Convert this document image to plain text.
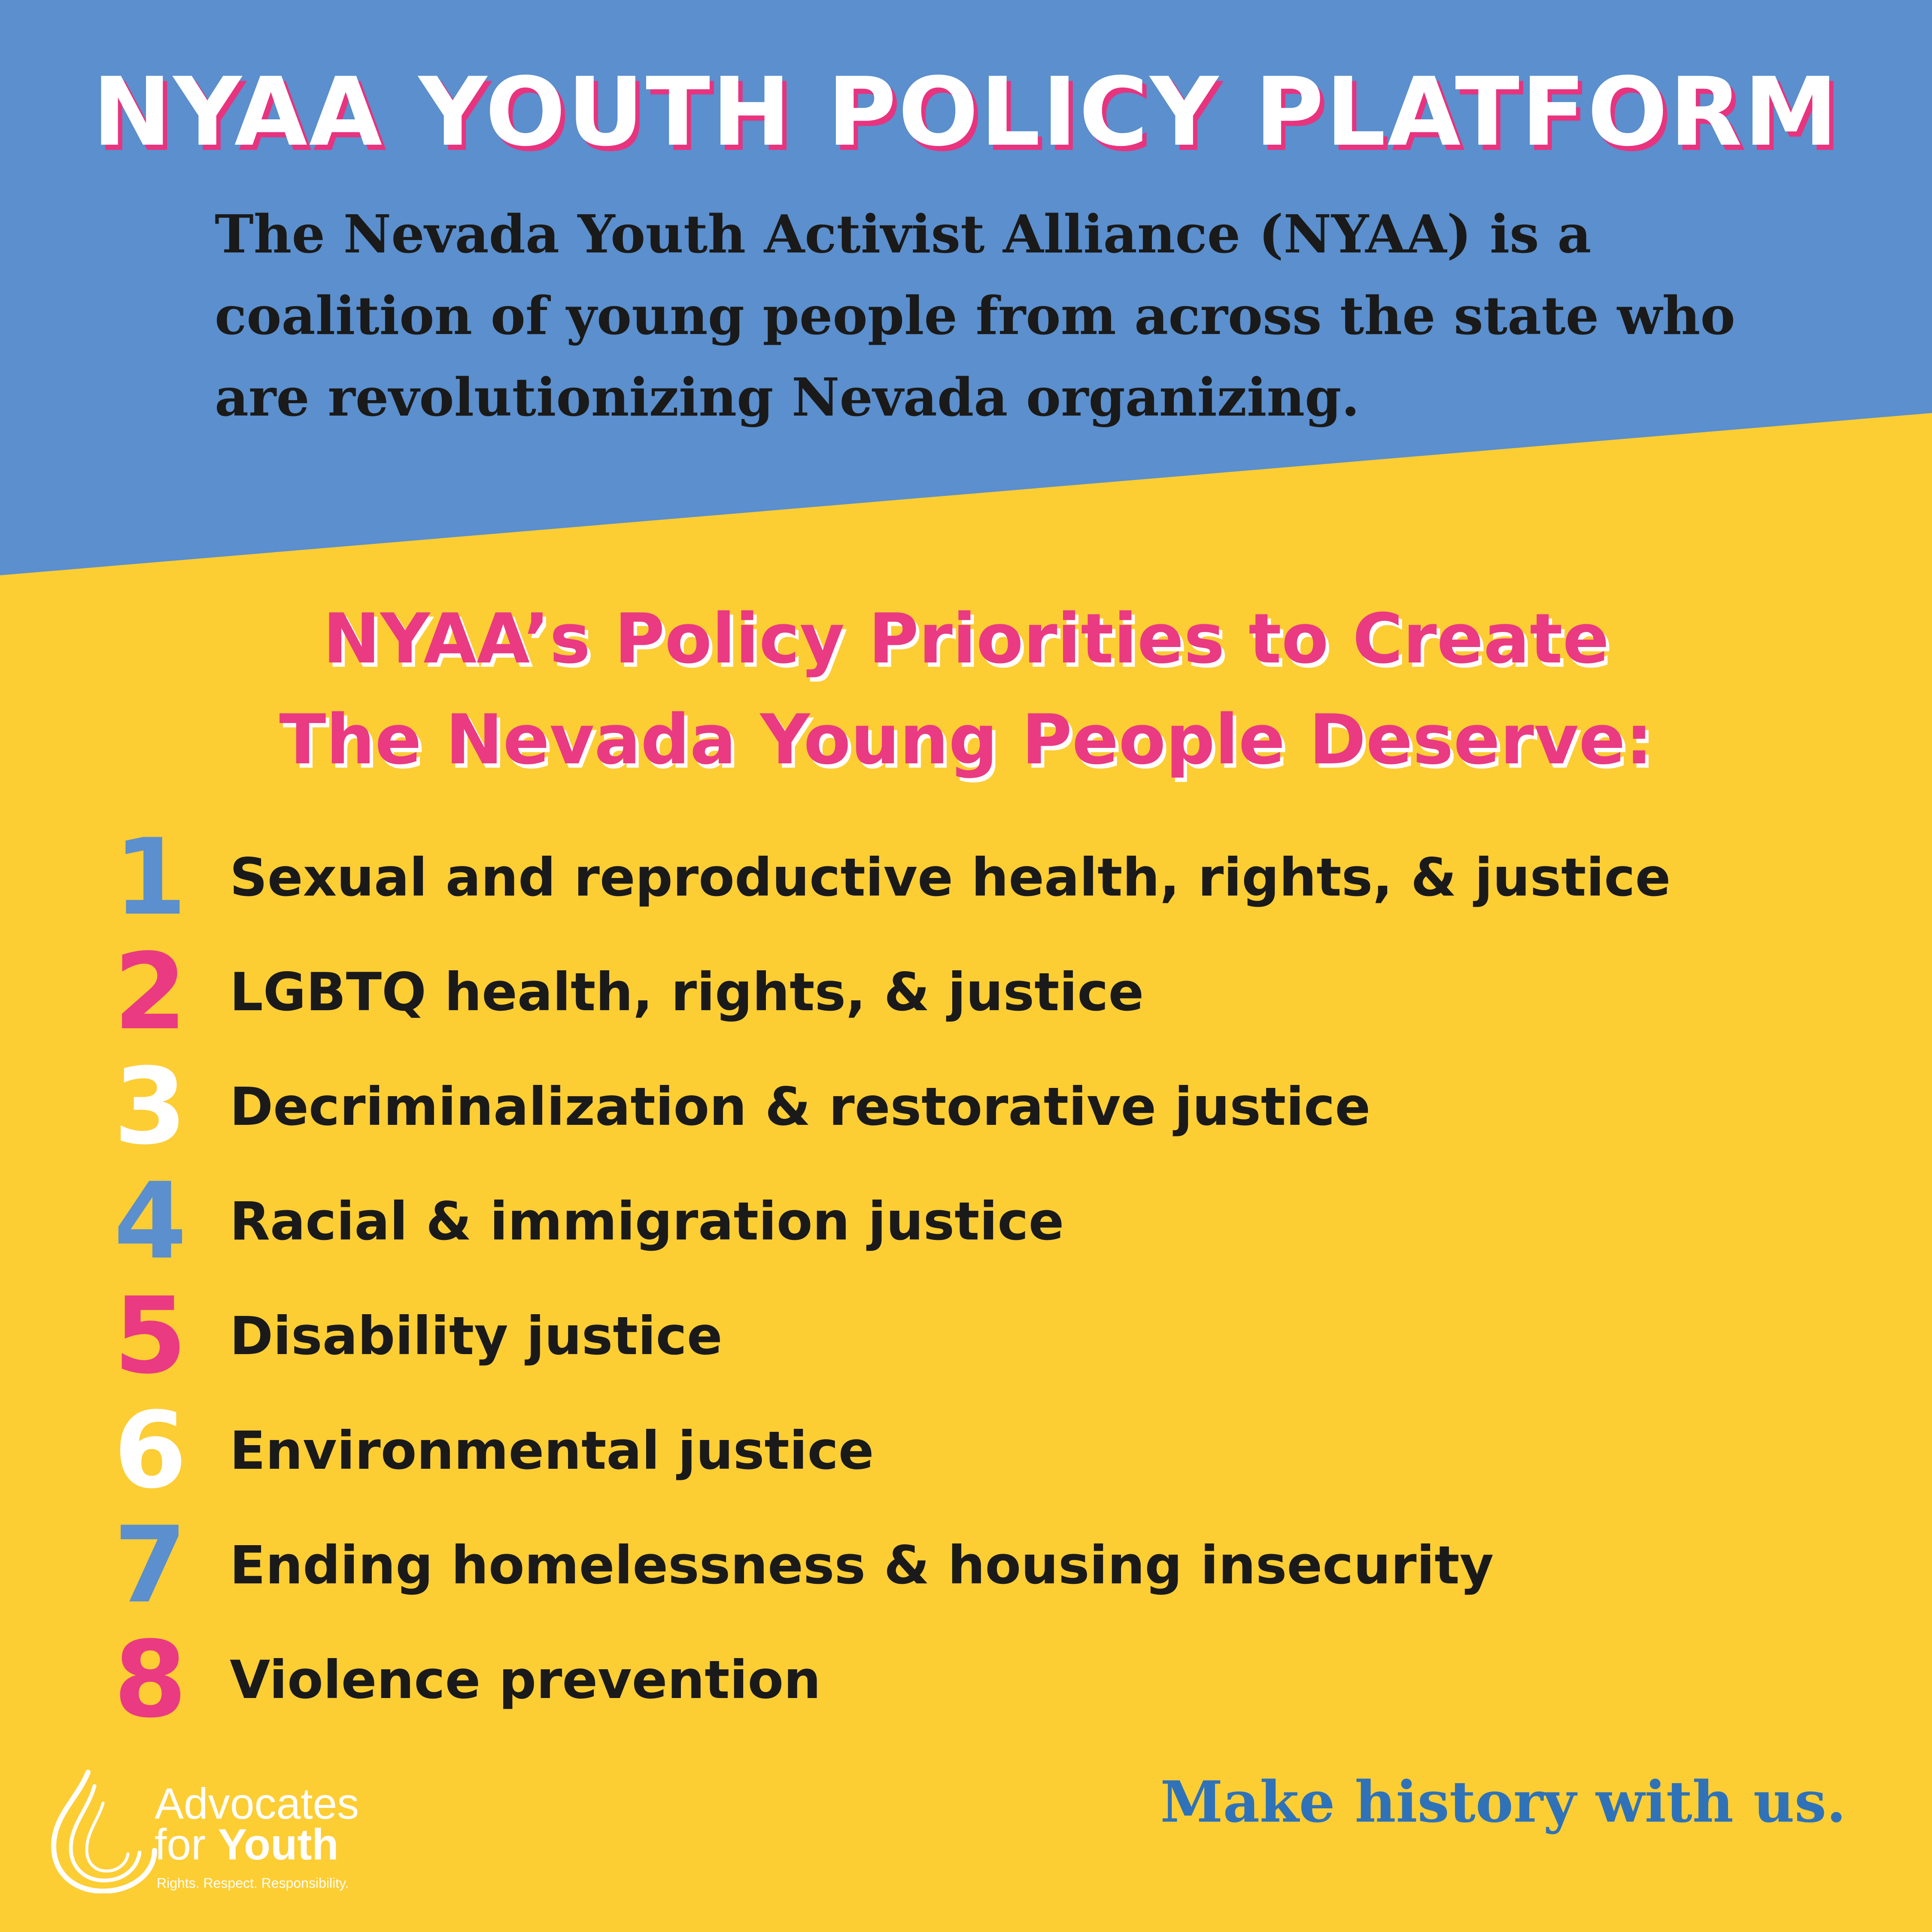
NYAA YOUTH POLICY PLATFORM

The Nevada Youth Activist Alliance (NYAA) is a coalition of young people from across the state who are revolutionizing Nevada organizing.

NYAA’s Policy Priorities to Create
The Nevada Young People Deserve:
1 Sexual and reproductive health, rights, & justice
2 LGBTQ health, rights, & justice
3 Decriminalization & restorative justice
4 Racial & immigration justice
5 Disability justice
6 Environmental justice
7 Ending homelessness & housing insecurity
8 Violence prevention
Advocates
for Youth
Rights. Respect. Responsibility.

Make history with us.
